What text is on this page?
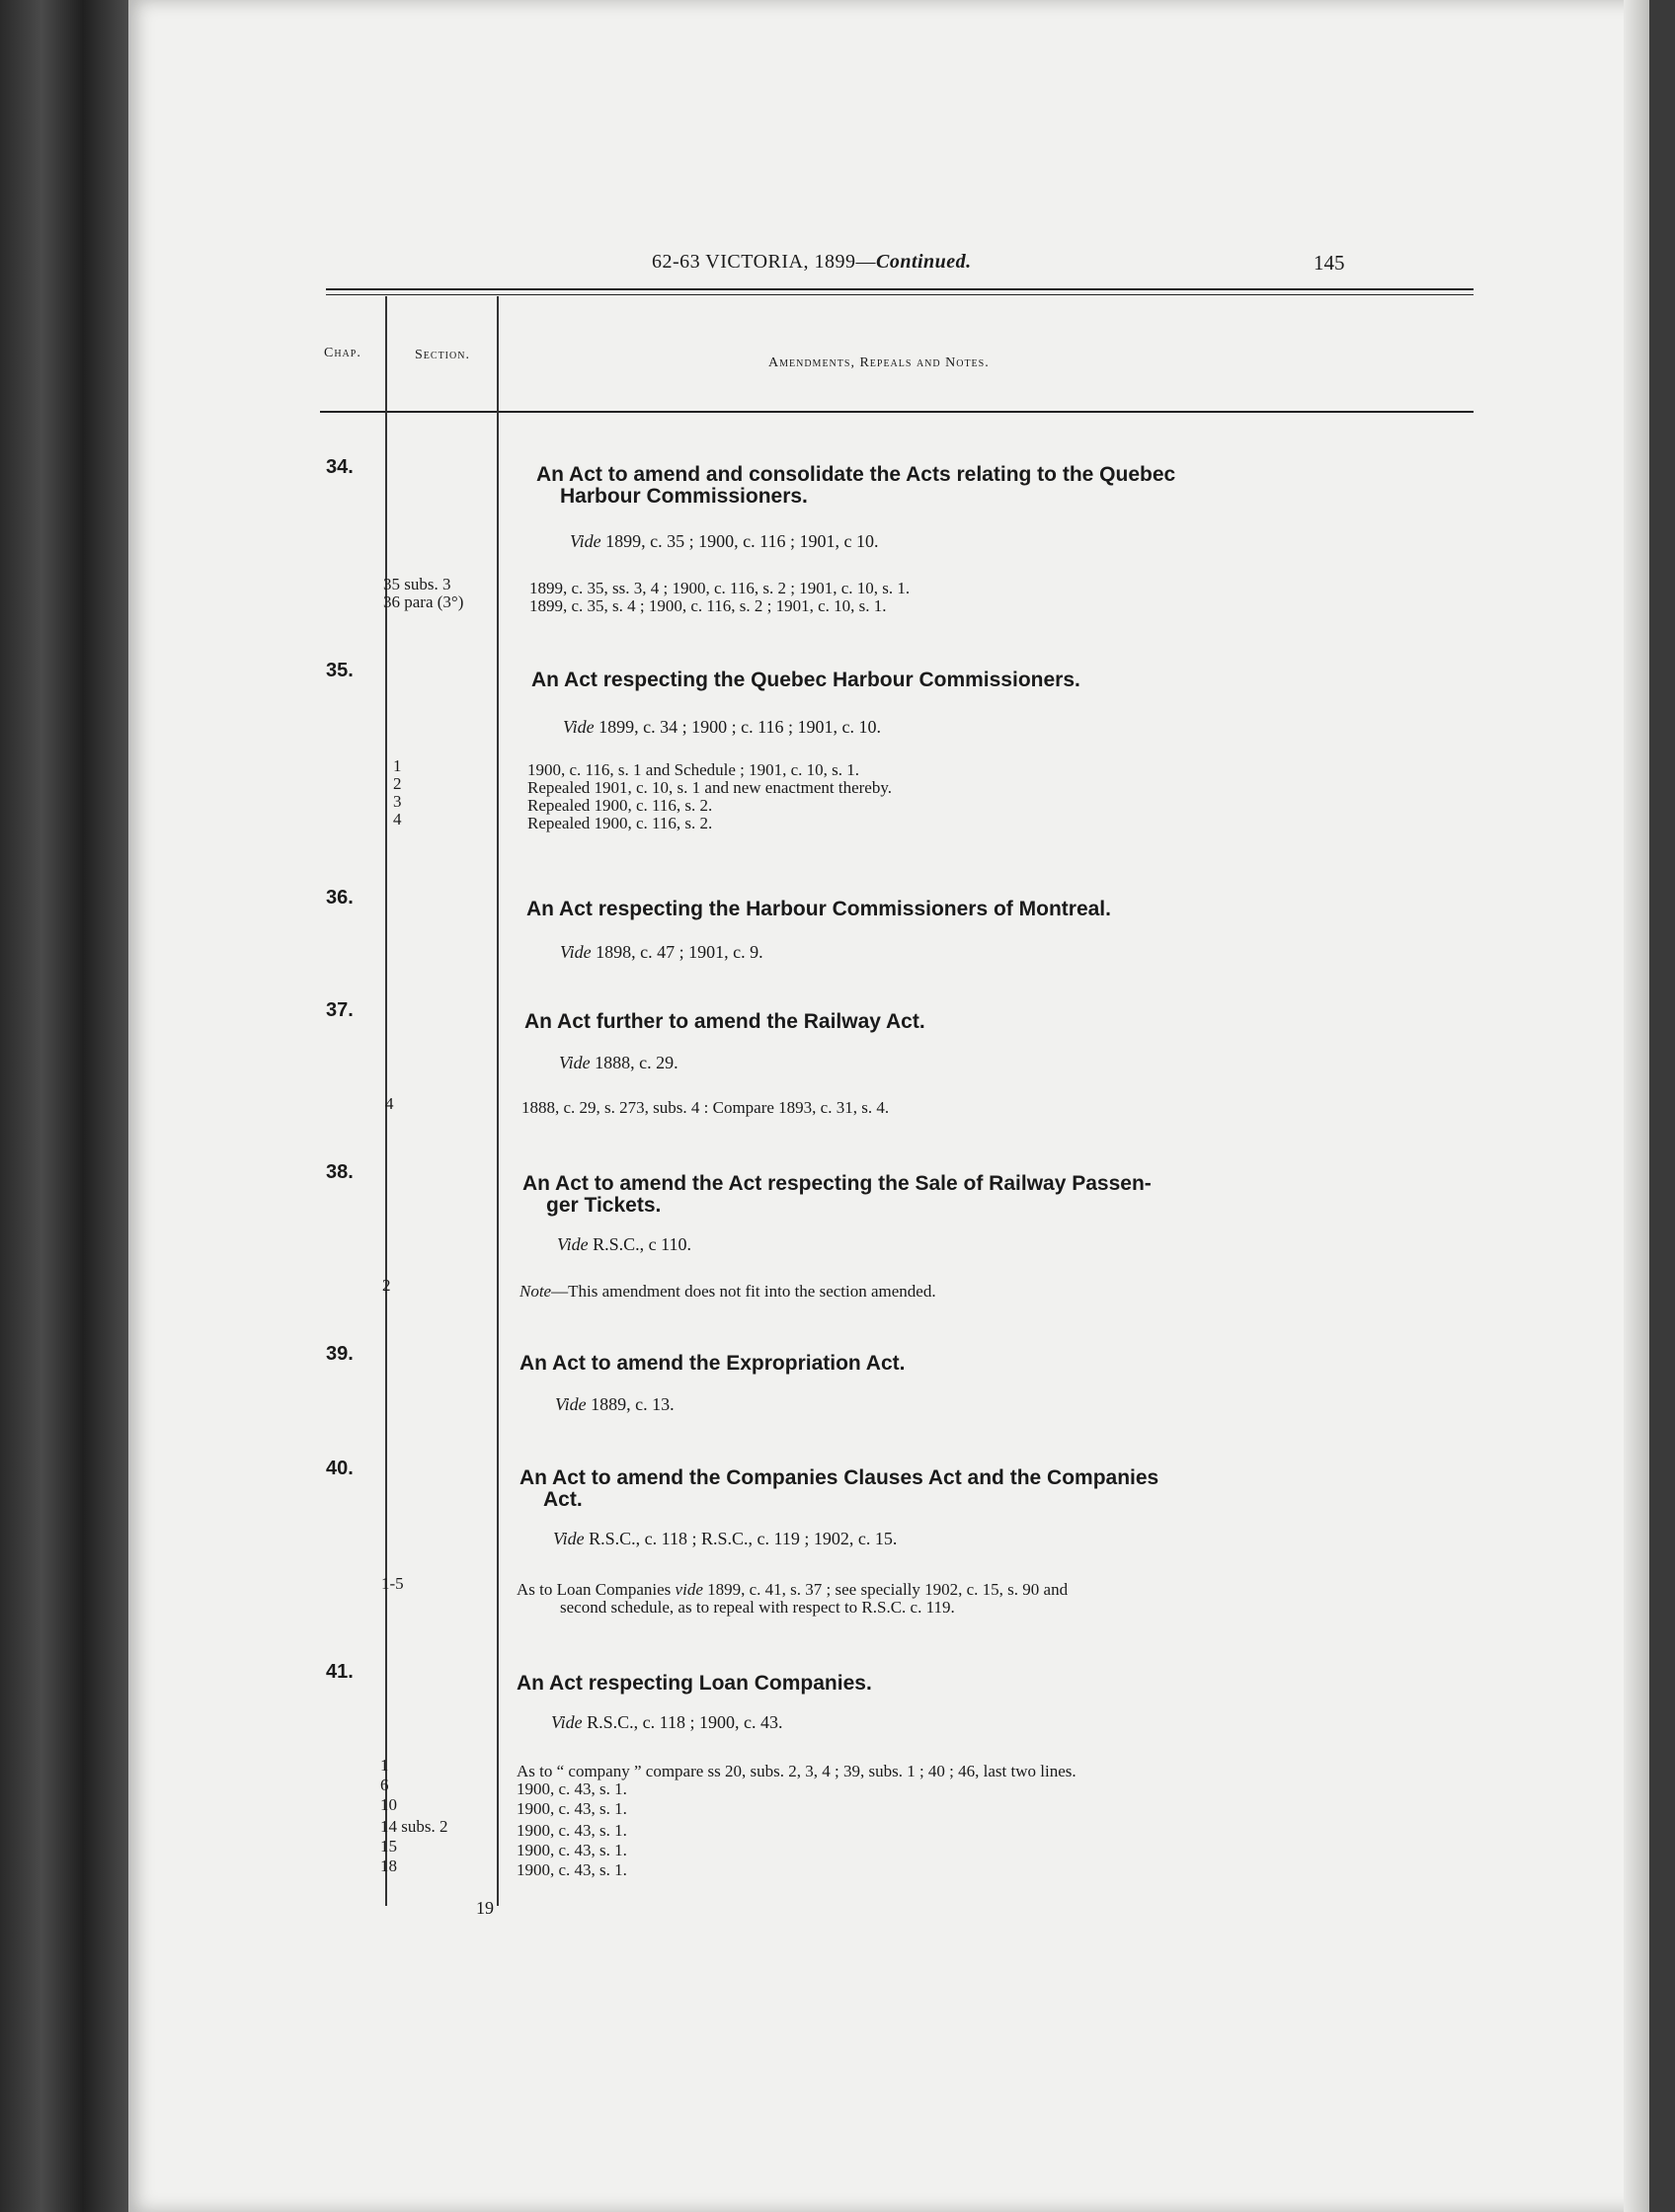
62-63 VICTORIA, 1899—Continued.	145
Chap.	Section.
Amendments, Repeals and Notes.
34.	An Act to amend and consolidate the Acts relating to the Quebec
Harbour Commissioners.
Vide 1899, c. 35 ; 1900, c. 116 ; 1901, c 10.
35 subs. 3	1899, c. 35, ss. 3, 4 ; 1900, c. 116, s. 2 ; 1901, c. 10, s. 1.
36 para (3°)	1899, c. 35, s. 4 ; 1900, c. 116, s. 2 ; 1901, c. 10, s. 1.
35.	An Act respecting the Quebec Harbour Commissioners.
Vide 1899, c. 34 ; 1900 ; c. 116 ; 1901, c. 10.
1	1900, c. 116, s. 1 and Schedule ; 1901, c. 10, s. 1.
2	Repealed 1901, c. 10, s. 1 and new enactment thereby.
3	Repealed 1900, c. 116, s. 2.
4	Repealed 1900, c. 116, s. 2.
36.	An Act respecting the Harbour Commissioners of Montreal.
Vide 1898, c. 47 ; 1901, c. 9.
37.	An Act further to amend the Railway Act.
Vide 1888, c. 29.
4	1888, c. 29, s. 273, subs. 4 : Compare 1893, c. 31, s. 4.
38.	An Act to amend the Act respecting the Sale of Railway Passen-
ger Tickets.
Vide R.S.C., c 110.
2	Note—This amendment does not fit into the section amended.
39.	An Act to amend the Expropriation Act.
Vide 1889, c. 13.
40.	An Act to amend the Companies Clauses Act and the Companies
Act.
Vide R.S.C., c. 118 ; R.S.C., c. 119 ; 1902, c. 15.
1-5	As to Loan Companies vide 1899, c. 41, s. 37 ; see specially 1902, c. 15, s. 90 and
second schedule, as to repeal with respect to R.S.C. c. 119.
41.	An Act respecting Loan Companies.
Vide R.S.C., c. 118 ; 1900, c. 43.
1	As to “ company ” compare ss 20, subs. 2, 3, 4 ; 39, subs. 1 ; 40 ; 46, last two lines.
6	1900, c. 43, s. 1.
10	1900, c. 43, s. 1.
14 subs. 2	1900, c. 43, s. 1.
15	1900, c. 43, s. 1.
18	1900, c. 43, s. 1.
19
